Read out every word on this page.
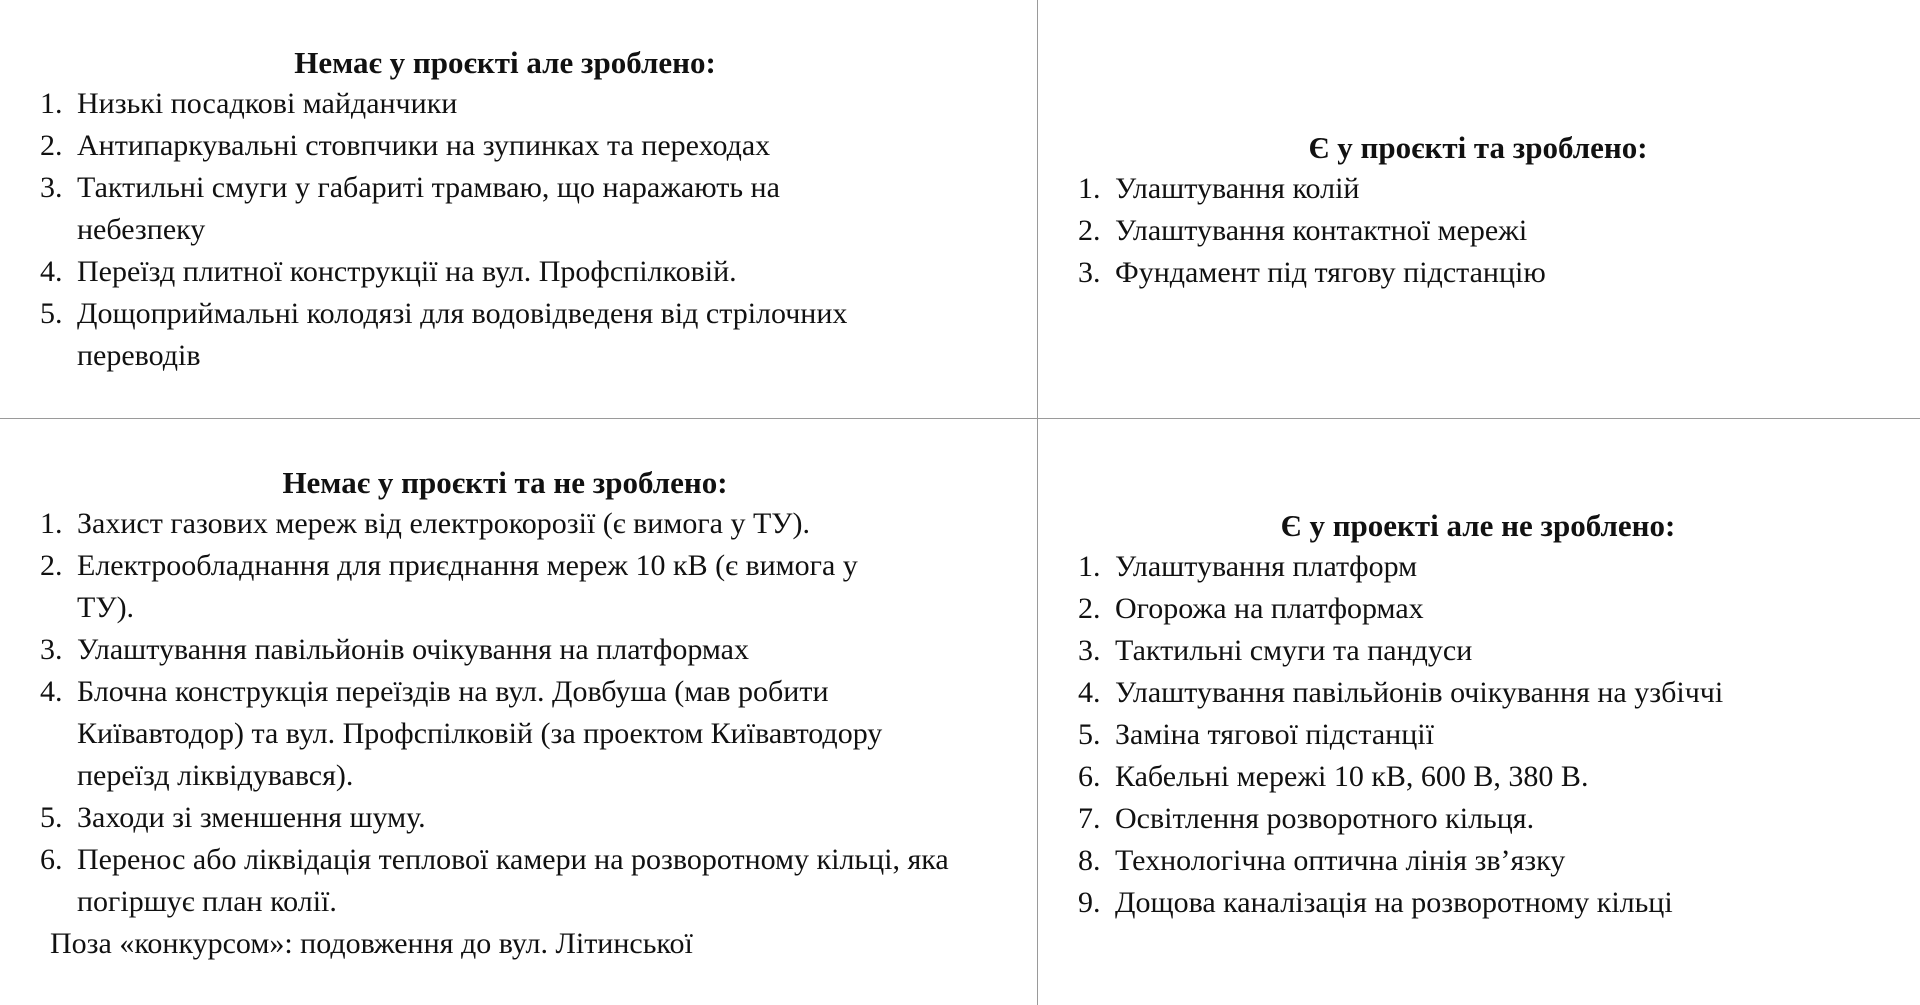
Немає у проєкті але зроблено:
1. Низькі посадкові майданчики
2. Антипаркувальні стовпчики на зупинках та переходах
3. Тактильні смуги у габариті трамваю, що наражають на небезпеку
4. Переїзд плитної конструкції на вул. Профспілковій.
5. Дощоприймальні колодязі для водовідведеня від стрілочних переводів
Є у проєкті та зроблено:
1. Улаштування колій
2. Улаштування контактної мережі
3. Фундамент під тягову підстанцію
Немає у проєкті та не зроблено:
1. Захист газових мереж від електрокорозії (є вимога у ТУ).
2. Електрообладнання для приєднання мереж 10 кВ (є вимога у ТУ).
3. Улаштування павільйонів очікування на платформах
4. Блочна конструкція переїздів на вул. Довбуша (мав робити Київавтодор) та вул. Профспілковій (за проектом Київавтодору переїзд ліквідувався).
5. Заходи зі зменшення шуму.
6. Перенос або ліквідація теплової камери на розворотному кільці, яка погіршує план колії.

Поза «конкурсом»: подовження до вул. Літинської

Є у проекті але не зроблено:
1. Улаштування платформ
2. Огорожа на платформах
3. Тактильні смуги та пандуси
4. Улаштування павільйонів очікування на узбіччі
5. Заміна тягової підстанції
6. Кабельні мережі 10 кВ, 600 В, 380 В.
7. Освітлення розворотного кільця.
8. Технологічна оптична лінія зв’язку
9. Дощова каналізація на розворотному кільці
